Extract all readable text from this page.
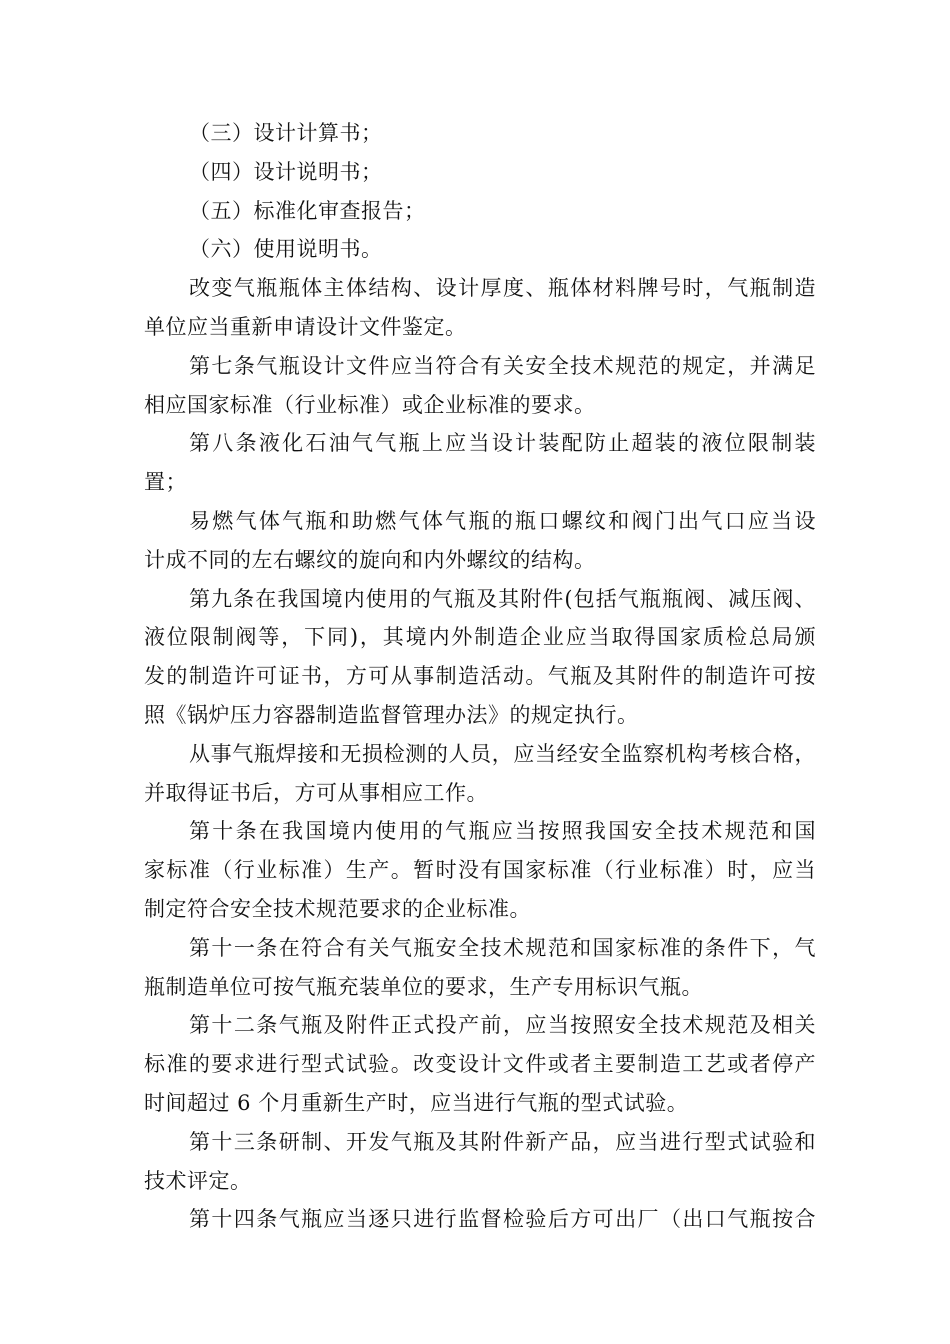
（三）设计计算书；
（四）设计说明书；
（五）标准化审查报告；
（六）使用说明书。
改变气瓶瓶体主体结构、设计厚度、瓶体材料牌号时，气瓶制造
单位应当重新申请设计文件鉴定。
第七条气瓶设计文件应当符合有关安全技术规范的规定，并满足
相应国家标准（行业标准）或企业标准的要求。
第八条液化石油气气瓶上应当设计装配防止超装的液位限制装
置；
易燃气体气瓶和助燃气体气瓶的瓶口螺纹和阀门出气口应当设
计成不同的左右螺纹的旋向和内外螺纹的结构。
第九条在我国境内使用的气瓶及其附件(包括气瓶瓶阀、减压阀、
液位限制阀等，下同)，其境内外制造企业应当取得国家质检总局颁
发的制造许可证书，方可从事制造活动。气瓶及其附件的制造许可按
照《锅炉压力容器制造监督管理办法》的规定执行。
从事气瓶焊接和无损检测的人员，应当经安全监察机构考核合格，
并取得证书后，方可从事相应工作。
第十条在我国境内使用的气瓶应当按照我国安全技术规范和国
家标准（行业标准）生产。暂时没有国家标准（行业标准）时，应当
制定符合安全技术规范要求的企业标准。
第十一条在符合有关气瓶安全技术规范和国家标准的条件下，气
瓶制造单位可按气瓶充装单位的要求，生产专用标识气瓶。
第十二条气瓶及附件正式投产前，应当按照安全技术规范及相关
标准的要求进行型式试验。改变设计文件或者主要制造工艺或者停产
时间超过 6 个月重新生产时，应当进行气瓶的型式试验。
第十三条研制、开发气瓶及其附件新产品，应当进行型式试验和
技术评定。
第十四条气瓶应当逐只进行监督检验后方可出厂（出口气瓶按合
